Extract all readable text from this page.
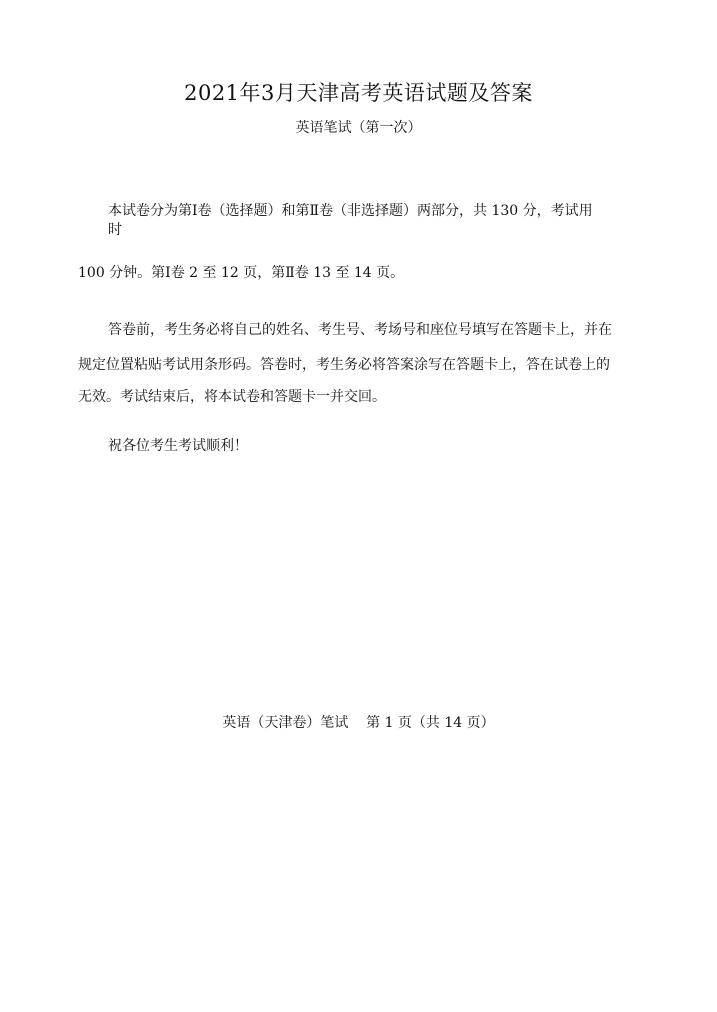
2021年3月天津高考英语试题及答案
英语笔试（第一次）
本试卷分为第Ⅰ卷（选择题）和第Ⅱ卷（非选择题）两部分，共 130 分，考试用
时
100 分钟。第Ⅰ卷 2 至 12 页，第Ⅱ卷 13 至 14 页。
答卷前，考生务必将自己的姓名、考生号、考场号和座位号填写在答题卡上，并在
规定位置粘贴考试用条形码。答卷时，考生务必将答案涂写在答题卡上，答在试卷上的
无效。考试结束后，将本试卷和答题卡一并交回。
祝各位考生考试顺利！
英语（天津卷）笔试    第 1 页（共 14 页）
